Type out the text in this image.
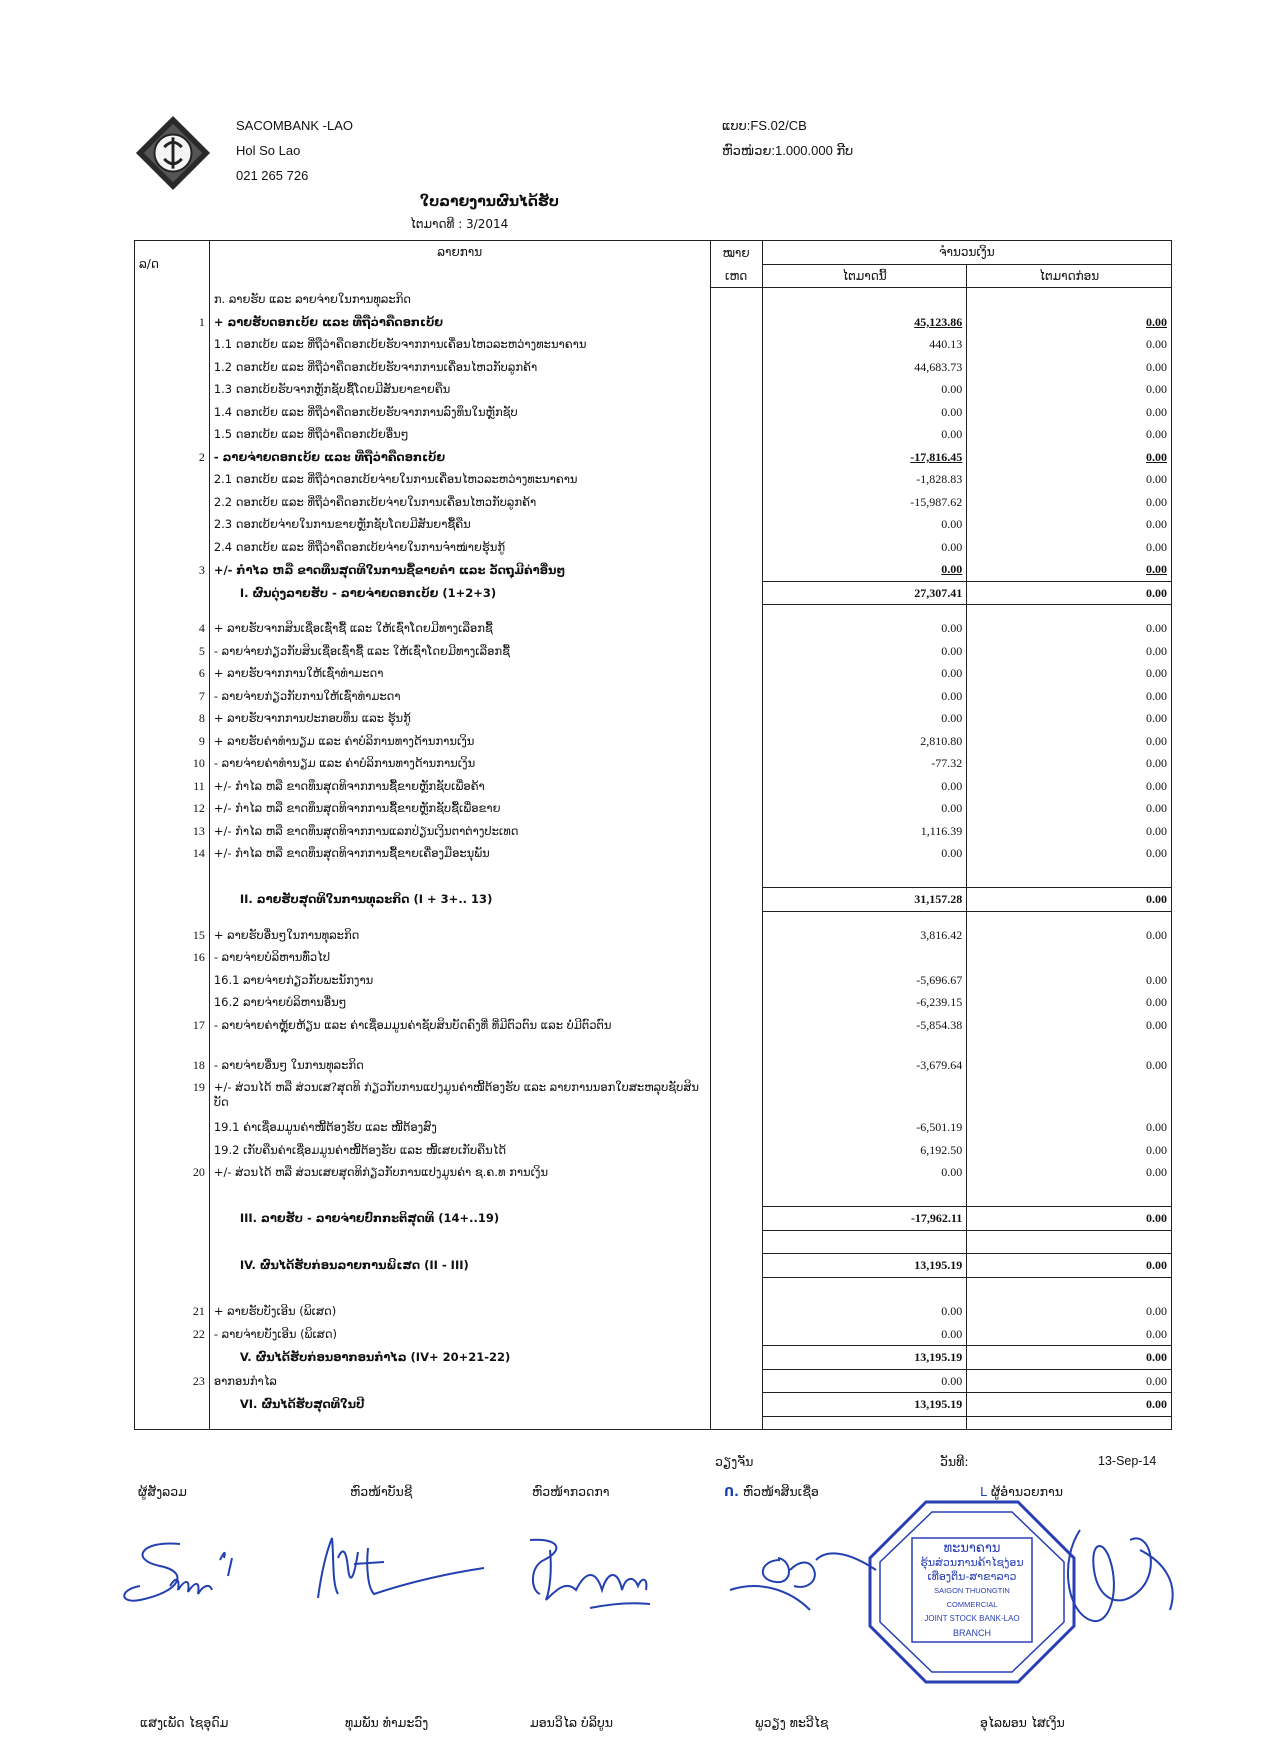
SACOMBANK -LAO
Hol So Lao
021 265 726
ແບບ:FS.02/CB
ຫົວໜ່ວຍ:1.000.000 ກີບ
ໃບລາຍງານຜົນໄດ້ຮັບ
ໄຕມາດທີ : 3/2014
ລ/ດ	ລາຍການ	ໝາຍ	ຈຳນວນເງິນ	
		ເຫດ	ໄຕມາດນີ້	ໄຕມາດກ່ອນ
	ກ. ລາຍຮັບ ແລະ ລາຍຈ່າຍໃນການທຸລະກິດ			
1	+ ລາຍຮັບດອກເບ້ຍ ແລະ ທີ່ຖືວ່າຄືດອກເບ້ຍ		45,123.86	0.00
	1.1 ດອກເບ້ຍ ແລະ ທີ່ຖືວ່າຄືດອກເບ້ຍຮັບຈາກການເຄື່ອນໄຫວລະຫວ່າງທະນາຄານ		440.13	0.00
	1.2 ດອກເບ້ຍ ແລະ ທີ່ຖືວ່າຄືດອກເບ້ຍຮັບຈາກການເຄື່ອນໄຫວກັບລູກຄ້າ		44,683.73	0.00
	1.3 ດອກເບ້ຍຮັບຈາກຫຼັກຊັບຊື້ໂດຍມີສັນຍາຂາຍຄືນ		0.00	0.00
	1.4 ດອກເບ້ຍ ແລະ ທີ່ຖືວ່າຄືດອກເບ້ຍຮັບຈາກການລົງທຶນໃນຫຼັກຊັບ		0.00	0.00
	1.5 ດອກເບ້ຍ ແລະ ທີ່ຖືວ່າຄືດອກເບ້ຍອື່ນໆ		0.00	0.00
2	- ລາຍຈ່າຍດອກເບ້ຍ ແລະ ທີ່ຖືວ່າຄືດອກເບ້ຍ		-17,816.45	0.00
	2.1 ດອກເບ້ຍ ແລະ ທີ່ຖືວ່າດອກເບ້ຍຈ່າຍໃນການເຄື່ອນໄຫວລະຫວ່າງທະນາຄານ		-1,828.83	0.00
	2.2 ດອກເບ້ຍ ແລະ ທີ່ຖືວ່າຄືດອກເບ້ຍຈ່າຍໃນການເຄື່ອນໄຫວກັບລູກຄ້າ		-15,987.62	0.00
	2.3 ດອກເບ້ຍຈ່າຍໃນການຂາຍຫຼັກຊັບໂດຍມີສັນຍາຊື້ຄືນ		0.00	0.00
	2.4 ດອກເບ້ຍ ແລະ ທີ່ຖືວ່າຄືດອກເບ້ຍຈ່າຍໃນການຈຳໜ່າຍຮຸ້ນກູ້		0.00	0.00
3	+/- ກຳໄລ ຫລື ຂາດທຶນສຸດທິໃນການຊື້ຂາຍຄຳ ແລະ ວັດຖຸມີຄ່າອື່ນໆ		0.00	0.00
	I. ຜົນດຸ່ງລາຍຮັບ - ລາຍຈ່າຍດອກເບ້ຍ (1+2+3)		27,307.41	0.00

4	+ ລາຍຮັບຈາກສິນເຊື່ອເຊົ່າຊື້ ແລະ ໃຫ້ເຊົ່າໂດຍມີທາງເລືອກຊື້		0.00	0.00
5	- ລາຍຈ່າຍກ່ຽວກັບສິນເຊື່ອເຊົ່າຊື້ ແລະ ໃຫ້ເຊົ່າໂດຍມີທາງເລືອກຊື້		0.00	0.00
6	+ ລາຍຮັບຈາກການໃຫ້ເຊົ່າທຳມະດາ		0.00	0.00
7	- ລາຍຈ່າຍກ່ຽວກັບການໃຫ້ເຊົ່າທຳມະດາ		0.00	0.00
8	+ ລາຍຮັບຈາກການປະກອບທຶນ ແລະ ຮຸ້ນກູ້		0.00	0.00
9	+ ລາຍຮັບຄ່າທຳນຽມ ແລະ ຄ່າບໍລິການທາງດ້ານການເງິນ		2,810.80	0.00
10	- ລາຍຈ່າຍຄ່າທຳນຽມ ແລະ ຄ່າບໍລິການທາງດ້ານການເງິນ		-77.32	0.00
11	+/- ກຳໄລ ຫລື ຂາດທຶນສຸດທິຈາກການຊື້ຂາຍຫຼັກຊັບເພື່ອຄ້າ		0.00	0.00
12	+/- ກຳໄລ ຫລື ຂາດທຶນສຸດທິຈາກການຊື້ຂາຍຫຼັກຊັບຊື້ເພື່ອຂາຍ		0.00	0.00
13	+/- ກຳໄລ ຫລື ຂາດທຶນສຸດທິຈາກການແລກປ່ຽນເງິນຕາຕ່າງປະເທດ		1,116.39	0.00
14	+/- ກຳໄລ ຫລື ຂາດທຶນສຸດທິຈາກການຊື້ຂາຍເຄື່ອງມືອະນຸພັນ		0.00	0.00

	II. ລາຍຮັບສຸດທິໃນການທຸລະກິດ (I + 3+.. 13)		31,157.28	0.00

15	+ ລາຍຮັບອື່ນໆໃນການທຸລະກິດ		3,816.42	0.00
16	- ລາຍຈ່າຍບໍລິຫານທົ່ວໄປ			
	16.1 ລາຍຈ່າຍກ່ຽວກັບພະນັກງານ		-5,696.67	0.00
	16.2 ລາຍຈ່າຍບໍລິຫານອື່ນໆ		-6,239.15	0.00
17	- ລາຍຈ່າຍຄ່າຫຼຸ້ຍຫ້ຽນ ແລະ ຄ່າເຊື່ອມມູນຄ່າຊັບສິນບັດຄົງທີ່ ທີ່ມີຕົວຕົນ ແລະ ບໍ່ມີຕົວຕົນ		-5,854.38	0.00
18	- ລາຍຈ່າຍອື່ນໆ ໃນການທຸລະກິດ		-3,679.64	0.00
19	+/- ສ່ວນໄດ້ ຫລື ສ່ວນເສ?ສຸດທິ ກ່ຽວກັບການແປງມູນຄ່າໜີ້ຕ້ອງຮັບ ແລະ ລາຍການນອກໃບສະຫລຸບຊັບສິນບັດ			
	19.1 ຄ່າເຊື່ອມມູນຄ່າໜີ້ຕ້ອງຮັບ ແລະ ໜີ້ຕ້ອງສົງ		-6,501.19	0.00
	19.2 ເກັບຄືນຄ່າເຊື່ອມມູນຄ່າໜີ້ຕ້ອງຮັບ ແລະ ໜີ້ເສຍເກັບຄືນໄດ້		6,192.50	0.00
20	+/- ສ່ວນໄດ້ ຫລື ສ່ວນເສຍສຸດທິກ່ຽວກັບການແປງມູນຄ່າ ຊ.ຄ.ທ ການເງິນ		0.00	0.00

	III. ລາຍຮັບ - ລາຍຈ່າຍປົກກະຕິສຸດທິ (14+..19)		-17,962.11	0.00

	IV. ຜົນໄດ້ຮັບກ່ອນລາຍການພິເສດ (II - III)		13,195.19	0.00

21	+ ລາຍຮັບບັງເອີນ (ພິເສດ)		0.00	0.00
22	- ລາຍຈ່າຍບັງເອີນ (ພິເສດ)		0.00	0.00
	V. ຜົນໄດ້ຮັບກ່ອນອາກອນກຳໄລ (IV+ 20+21-22)		13,195.19	0.00
23	ອາກອນກຳໄລ		0.00	0.00
	VI. ຜົນໄດ້ຮັບສຸດທິໃນປີ		13,195.19	0.00

ວຽງຈັນ	ວັນທີ:	13-Sep-14
ຜູ້ສັງລວມ	ຫົວໜ້າບັນຊີ	ຫົວໜ້າກວດກາ	ᑎ. ຫົວໜ້າສິນເຊື່ອ	L ຜູ້ອຳນວຍການ
ທະນາຄານ
ຮຸ້ນສ່ວນການຄ້າໄຊງ່ອນ
ເທືອງຕິ່ນ-ສາຂາລາວ
SAIGON THUONGTIN COMMERCIAL
JOINT STOCK BANK-LAO
BRANCH
ແສງເພັດ ໄຊອຸດົມ	ທຸມພັນ ທຳມະວົງ	ມອນວິໄລ ບໍລິບູນ	ພູວຽງ ທະວີໄຊ	ອຸໄລພອນ ໄສເງິນ
